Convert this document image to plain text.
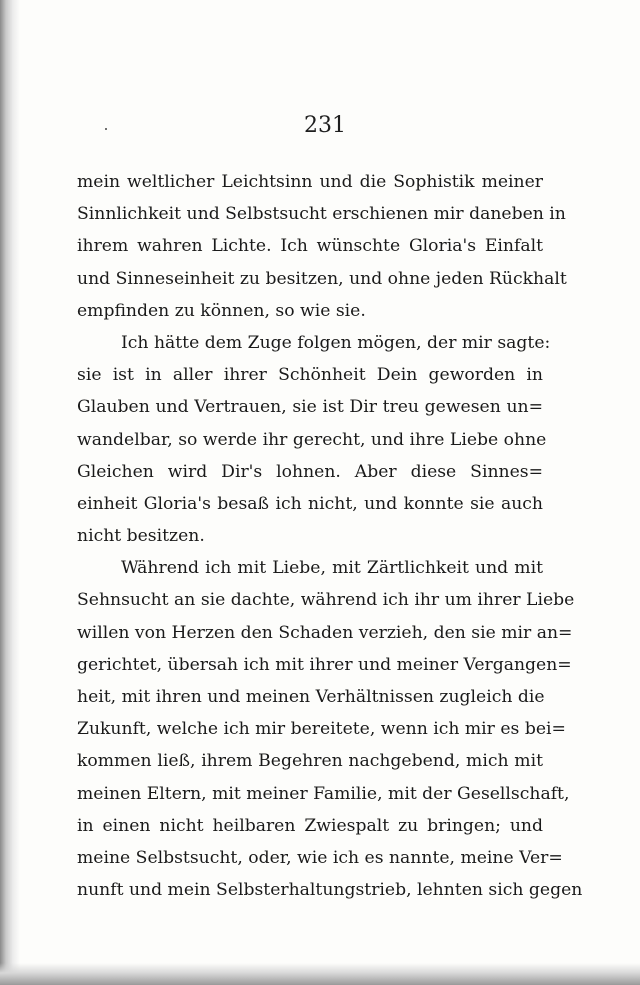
231
mein weltlicher Leichtsinn und die Sophistik meiner
Sinnlichkeit und Selbstsucht erschienen mir daneben in
ihrem wahren Lichte. Ich wünschte Gloria's Einfalt
und Sinneseinheit zu besitzen, und ohne jeden Rückhalt
empfinden zu können, so wie sie.
Ich hätte dem Zuge folgen mögen, der mir sagte:
sie ist in aller ihrer Schönheit Dein geworden in
Glauben und Vertrauen, sie ist Dir treu gewesen un=
wandelbar, so werde ihr gerecht, und ihre Liebe ohne
Gleichen wird Dir's lohnen. Aber diese Sinnes=
einheit Gloria's besaß ich nicht, und konnte sie auch
nicht besitzen.
Während ich mit Liebe, mit Zärtlichkeit und mit
Sehnsucht an sie dachte, während ich ihr um ihrer Liebe
willen von Herzen den Schaden verzieh, den sie mir an=
gerichtet, übersah ich mit ihrer und meiner Vergangen=
heit, mit ihren und meinen Verhältnissen zugleich die
Zukunft, welche ich mir bereitete, wenn ich mir es bei=
kommen ließ, ihrem Begehren nachgebend, mich mit
meinen Eltern, mit meiner Familie, mit der Gesellschaft,
in einen nicht heilbaren Zwiespalt zu bringen; und
meine Selbstsucht, oder, wie ich es nannte, meine Ver=
nunft und mein Selbsterhaltungstrieb, lehnten sich gegen
